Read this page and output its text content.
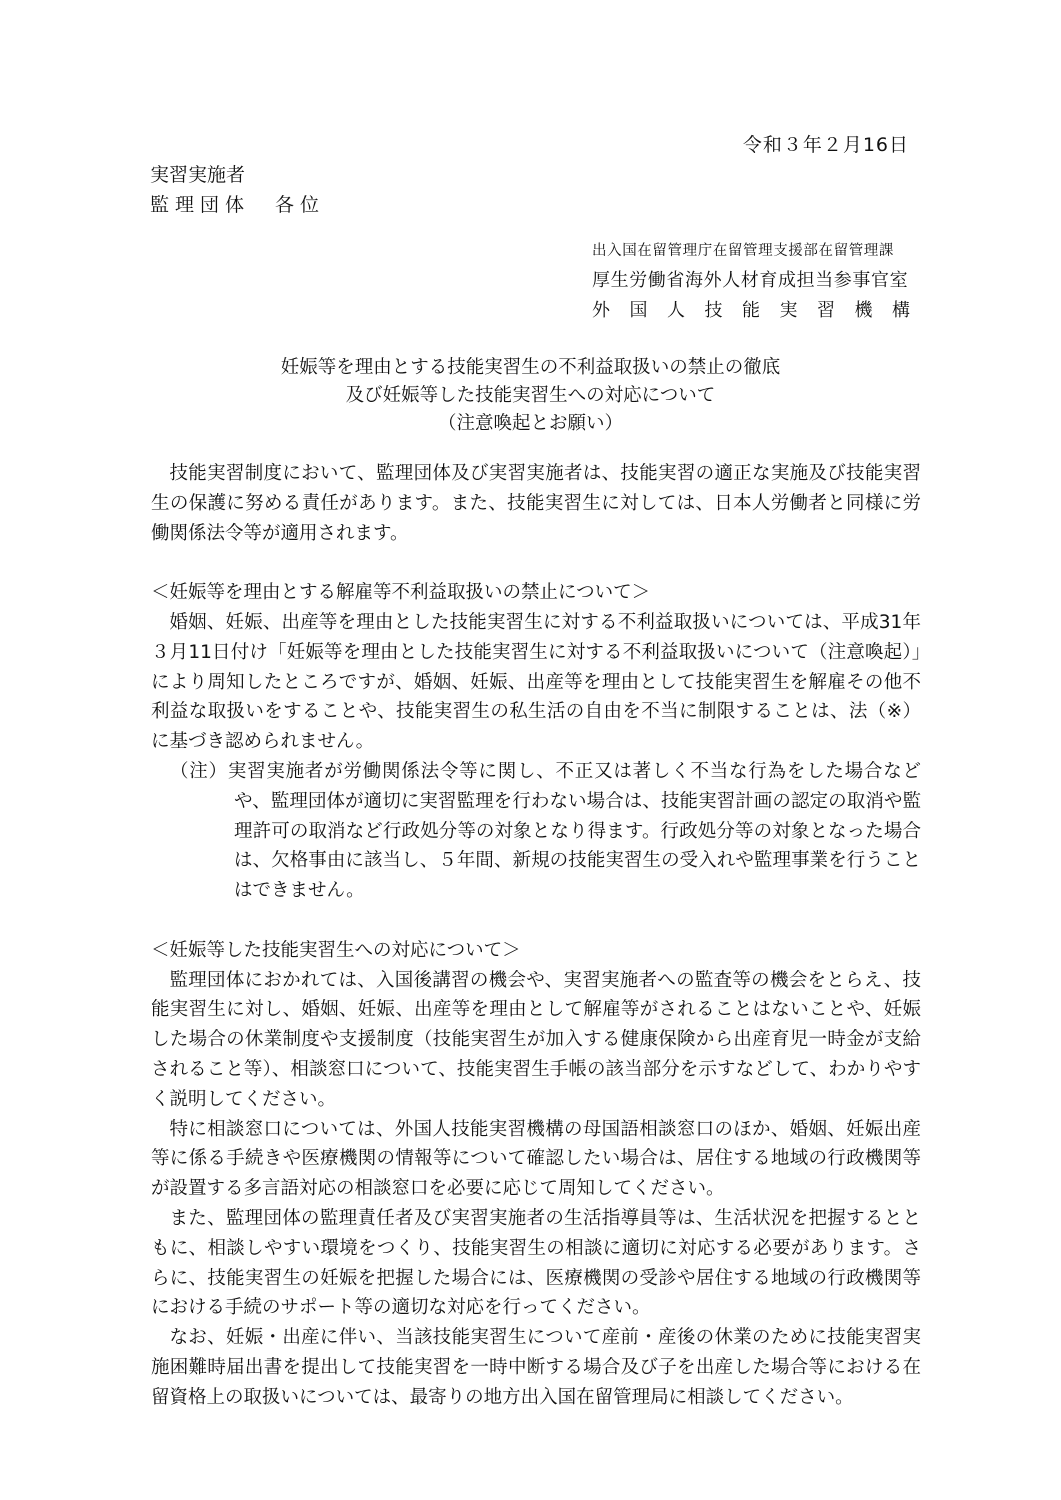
令和３年２月16日
実習実施者
監理団体　各位
出入国在留管理庁在留管理支援部在留管理課
厚生労働省海外人材育成担当参事官室
外国人技能実習機構
妊娠等を理由とする技能実習生の不利益取扱いの禁止の徹底
及び妊娠等した技能実習生への対応について
（注意喚起とお願い）

技能実習制度において、監理団体及び実習実施者は、技能実習の適正な実施及び技能実習生の保護に努める責任があります。また、技能実習生に対しては、日本人労働者と同様に労働関係法令等が適用されます。

＜妊娠等を理由とする解雇等不利益取扱いの禁止について＞

婚姻、妊娠、出産等を理由とした技能実習生に対する不利益取扱いについては、平成31年３月11日付け「妊娠等を理由とした技能実習生に対する不利益取扱いについて（注意喚起）」により周知したところですが、婚姻、妊娠、出産等を理由として技能実習生を解雇その他不利益な取扱いをすることや、技能実習生の私生活の自由を不当に制限することは、法（※）に基づき認められません。

（注）実習実施者が労働関係法令等に関し、不正又は著しく不当な行為をした場合などや、監理団体が適切に実習監理を行わない場合は、技能実習計画の認定の取消や監理許可の取消など行政処分等の対象となり得ます。行政処分等の対象となった場合は、欠格事由に該当し、５年間、新規の技能実習生の受入れや監理事業を行うことはできません。

＜妊娠等した技能実習生への対応について＞

監理団体におかれては、入国後講習の機会や、実習実施者への監査等の機会をとらえ、技能実習生に対し、婚姻、妊娠、出産等を理由として解雇等がされることはないことや、妊娠した場合の休業制度や支援制度（技能実習生が加入する健康保険から出産育児一時金が支給されること等）、相談窓口について、技能実習生手帳の該当部分を示すなどして、わかりやすく説明してください。

特に相談窓口については、外国人技能実習機構の母国語相談窓口のほか、婚姻、妊娠出産等に係る手続きや医療機関の情報等について確認したい場合は、居住する地域の行政機関等が設置する多言語対応の相談窓口を必要に応じて周知してください。

また、監理団体の監理責任者及び実習実施者の生活指導員等は、生活状況を把握するとともに、相談しやすい環境をつくり、技能実習生の相談に適切に対応する必要があります。さらに、技能実習生の妊娠を把握した場合には、医療機関の受診や居住する地域の行政機関等における手続のサポート等の適切な対応を行ってください。

なお、妊娠・出産に伴い、当該技能実習生について産前・産後の休業のために技能実習実施困難時届出書を提出して技能実習を一時中断する場合及び子を出産した場合等における在留資格上の取扱いについては、最寄りの地方出入国在留管理局に相談してください。
